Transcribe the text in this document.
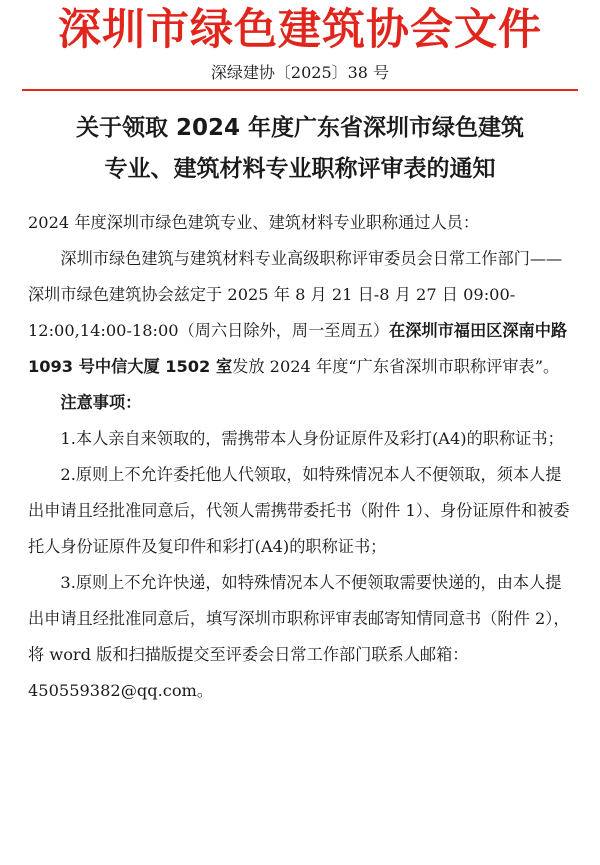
深圳市绿色建筑协会文件
深绿建协〔2025〕38 号
关于领取 2024 年度广东省深圳市绿色建筑
专业、建筑材料专业职称评审表的通知

2024 年度深圳市绿色建筑专业、建筑材料专业职称通过人员：

深圳市绿色建筑与建筑材料专业高级职称评审委员会日常工作部门——深圳市绿色建筑协会兹定于 2025 年 8 月 21 日-8 月 27 日 09:00-12:00,14:00-18:00（周六日除外，周一至周五）在深圳市福田区深南中路 1093 号中信大厦 1502 室发放 2024 年度“广东省深圳市职称评审表”。

注意事项：

1.本人亲自来领取的，需携带本人身份证原件及彩打(A4)的职称证书；

2.原则上不允许委托他人代领取，如特殊情况本人不便领取，须本人提出申请且经批准同意后，代领人需携带委托书（附件 1）、身份证原件和被委托人身份证原件及复印件和彩打(A4)的职称证书；

3.原则上不允许快递，如特殊情况本人不便领取需要快递的，由本人提出申请且经批准同意后，填写深圳市职称评审表邮寄知情同意书（附件 2），将 word 版和扫描版提交至评委会日常工作部门联系人邮箱：450559382@qq.com。
